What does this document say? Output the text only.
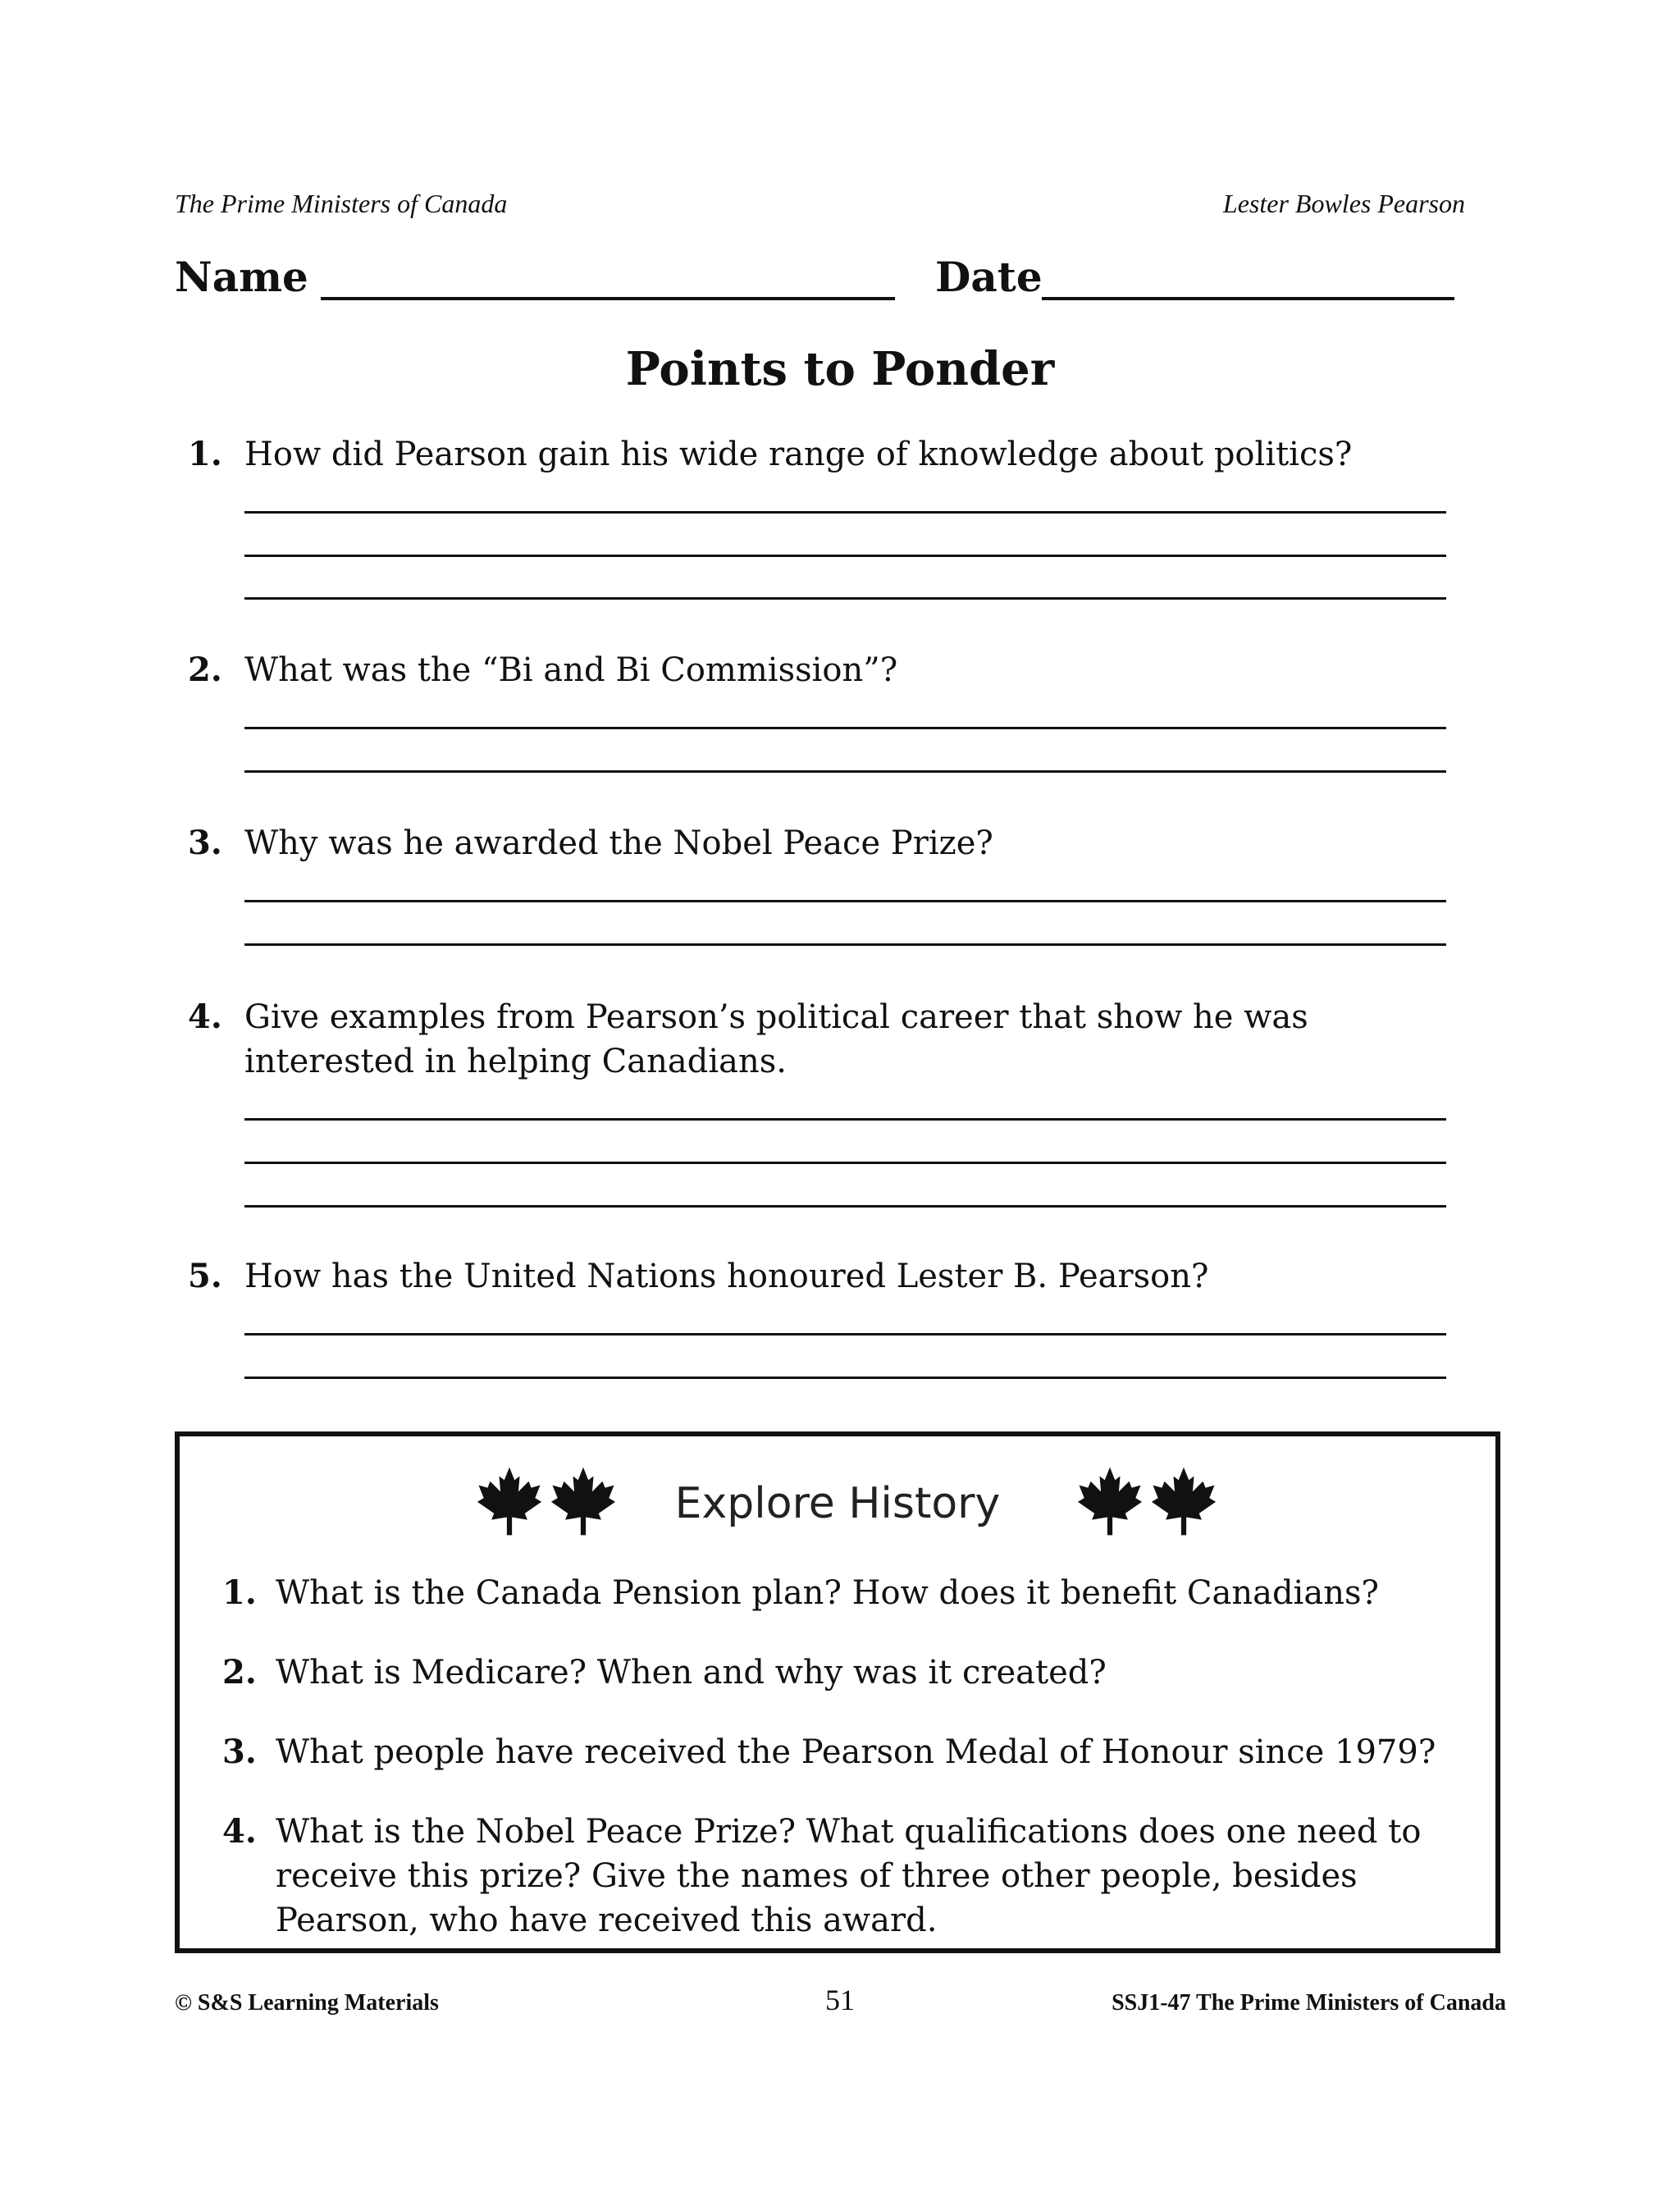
The Prime Ministers of Canada	Lester Bowles Pearson
Name	Date
Points to Ponder
1. How did Pearson gain his wide range of knowledge about politics?
2. What was the “Bi and Bi Commission”?
3. Why was he awarded the Nobel Peace Prize?
4. Give examples from Pearson’s political career that show he was interested in helping Canadians.
5. How has the United Nations honoured Lester B. Pearson?
Explore History
1. What is the Canada Pension plan? How does it benefit Canadians?
2. What is Medicare? When and why was it created?
3. What people have received the Pearson Medal of Honour since 1979?
4. What is the Nobel Peace Prize? What qualifications does one need to receive this prize? Give the names of three other people, besides Pearson, who have received this award.
© S&S Learning Materials	51	SSJ1-47 The Prime Ministers of Canada
